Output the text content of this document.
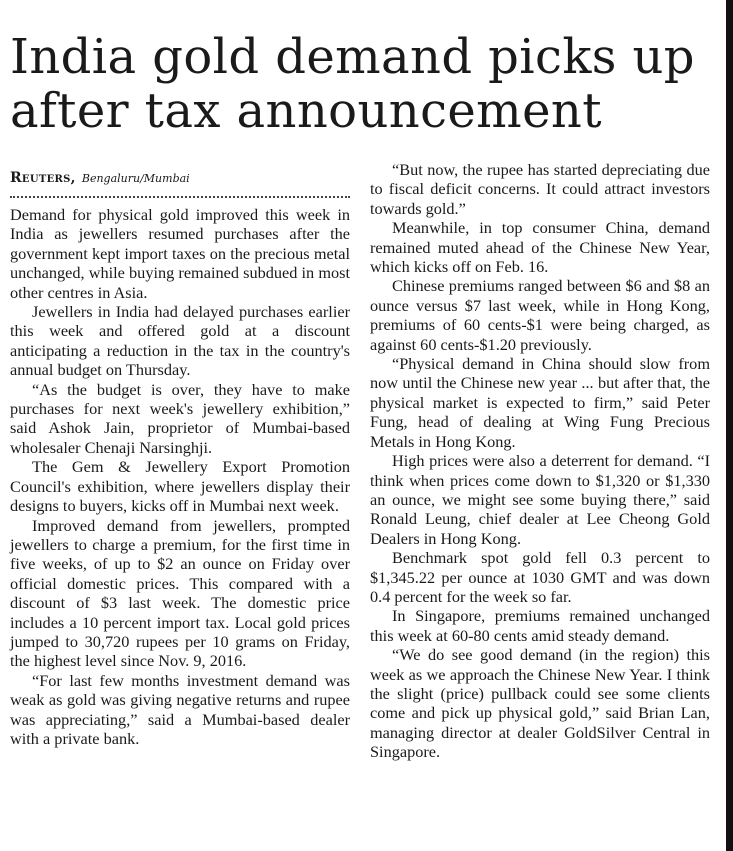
India gold demand picks up after tax announcement
Reuters, Bengaluru/Mumbai

Demand for physical gold improved this week in India as jewellers resumed purchases after the government kept import taxes on the precious metal unchanged, while buying remained subdued in most other centres in Asia.

Jewellers in India had delayed purchases earlier this week and offered gold at a discount anticipating a reduction in the tax in the country's annual budget on Thursday.

“As the budget is over, they have to make purchases for next week's jewellery exhibition,” said Ashok Jain, proprietor of Mumbai-based wholesaler Chenaji Narsinghji.

The Gem & Jewellery Export Promotion Council's exhibition, where jewellers display their designs to buyers, kicks off in Mumbai next week.

Improved demand from jewellers, prompted jewellers to charge a premium, for the first time in five weeks, of up to $2 an ounce on Friday over official domestic prices. This compared with a discount of $3 last week. The domestic price includes a 10 percent import tax. Local gold prices jumped to 30,720 rupees per 10 grams on Friday, the highest level since Nov. 9, 2016.

“For last few months investment demand was weak as gold was giving negative returns and rupee was appreciating,” said a Mumbai-based dealer with a private bank.

“But now, the rupee has started depreciating due to fiscal deficit concerns. It could attract investors towards gold.”

Meanwhile, in top consumer China, demand remained muted ahead of the Chinese New Year, which kicks off on Feb. 16.

Chinese premiums ranged between $6 and $8 an ounce versus $7 last week, while in Hong Kong, premiums of 60 cents-$1 were being charged, as against 60 cents-$1.20 previously.

“Physical demand in China should slow from now until the Chinese new year ... but after that, the physical market is expected to firm,” said Peter Fung, head of dealing at Wing Fung Precious Metals in Hong Kong.

High prices were also a deterrent for demand. “I think when prices come down to $1,320 or $1,330 an ounce, we might see some buying there,” said Ronald Leung, chief dealer at Lee Cheong Gold Dealers in Hong Kong.

Benchmark spot gold fell 0.3 percent to $1,345.22 per ounce at 1030 GMT and was down 0.4 percent for the week so far.

In Singapore, premiums remained unchanged this week at 60-80 cents amid steady demand.

“We do see good demand (in the region) this week as we approach the Chinese New Year. I think the slight (price) pullback could see some clients come and pick up physical gold,” said Brian Lan, managing director at dealer GoldSilver Central in Singapore.
